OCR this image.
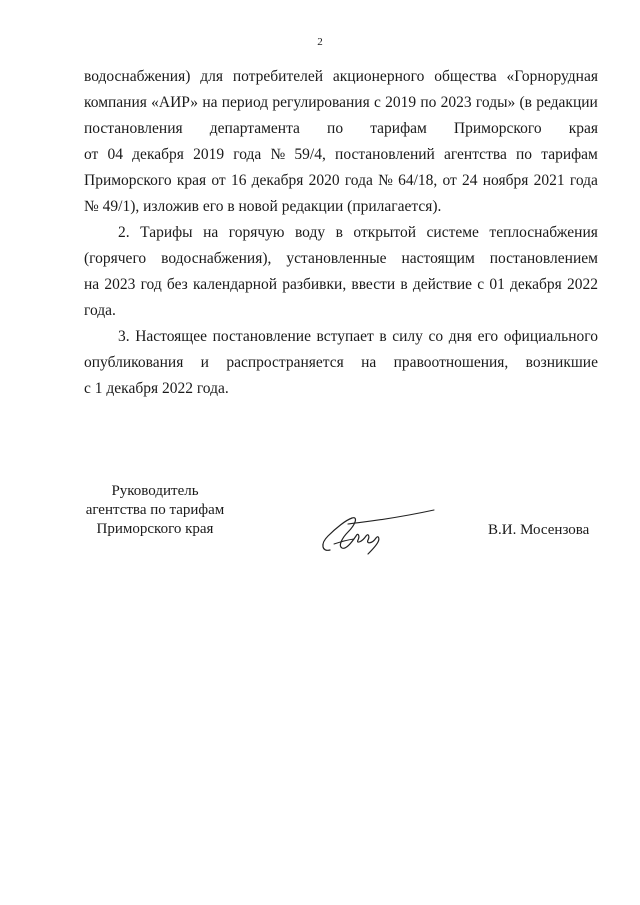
2
водоснабжения) для потребителей акционерного общества «Горнорудная
компания «АИР» на период регулирования с 2019 по 2023 годы» (в редакции
постановления департамента по тарифам Приморского края
от 04 декабря 2019 года № 59/4, постановлений агентства по тарифам
Приморского края от 16 декабря 2020 года № 64/18, от 24 ноября 2021 года
№ 49/1), изложив его в новой редакции (прилагается).
2. Тарифы на горячую воду в открытой системе теплоснабжения
(горячего водоснабжения), установленные настоящим постановлением
на 2023 год без календарной разбивки, ввести в действие с 01 декабря 2022
года.
3. Настоящее постановление вступает в силу со дня его официального
опубликования и распространяется на правоотношения, возникшие
с 1 декабря 2022 года.
Руководитель
агентства по тарифам
Приморского края	В.И. Мосензова
